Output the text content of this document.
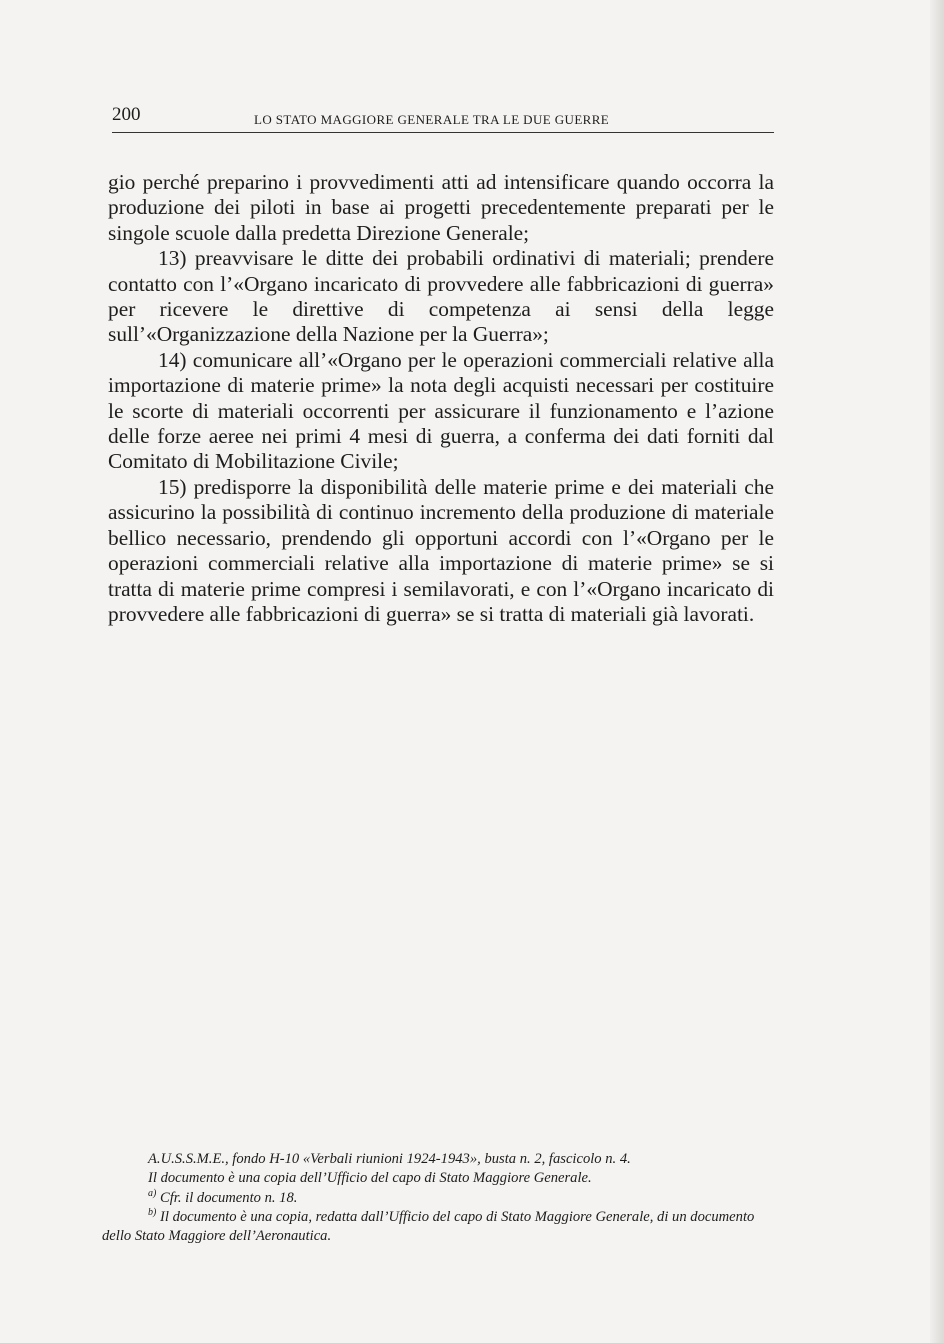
200	LO STATO MAGGIORE GENERALE TRA LE DUE GUERRE

gio perché preparino i provvedimenti atti ad intensificare quando occorra la produzione dei piloti in base ai progetti precedentemente preparati per le singole scuole dalla predetta Direzione Generale;

13) preavvisare le ditte dei probabili ordinativi di materiali; prendere contatto con l’«Organo incaricato di provvedere alle fabbricazioni di guerra» per ricevere le direttive di competenza ai sensi della legge sull’«Organizzazione della Nazione per la Guerra»;

14) comunicare all’«Organo per le operazioni commerciali relative alla importazione di materie prime» la nota degli acquisti necessari per costituire le scorte di materiali occorrenti per assicurare il funzionamento e l’azione delle forze aeree nei primi 4 mesi di guerra, a conferma dei dati forniti dal Comitato di Mobilitazione Civile;

15) predisporre la disponibilità delle materie prime e dei materiali che assicurino la possibilità di continuo incremento della produzione di materiale bellico necessario, prendendo gli opportuni accordi con l’«Organo per le operazioni commerciali relative alla importazione di materie prime» se si tratta di materie prime compresi i semilavorati, e con l’«Organo incaricato di provvedere alle fabbricazioni di guerra» se si tratta di materiali già lavorati.

A.U.S.S.M.E., fondo H-10 «Verbali riunioni 1924-1943», busta n. 2, fascicolo n. 4.

Il documento è una copia dell’Ufficio del capo di Stato Maggiore Generale.

$^{a)}$ Cfr. il documento n. 18.

$^{b)}$ Il documento è una copia, redatta dall’Ufficio del capo di Stato Maggiore Generale, di un documento dello Stato Maggiore dell’Aeronautica.
